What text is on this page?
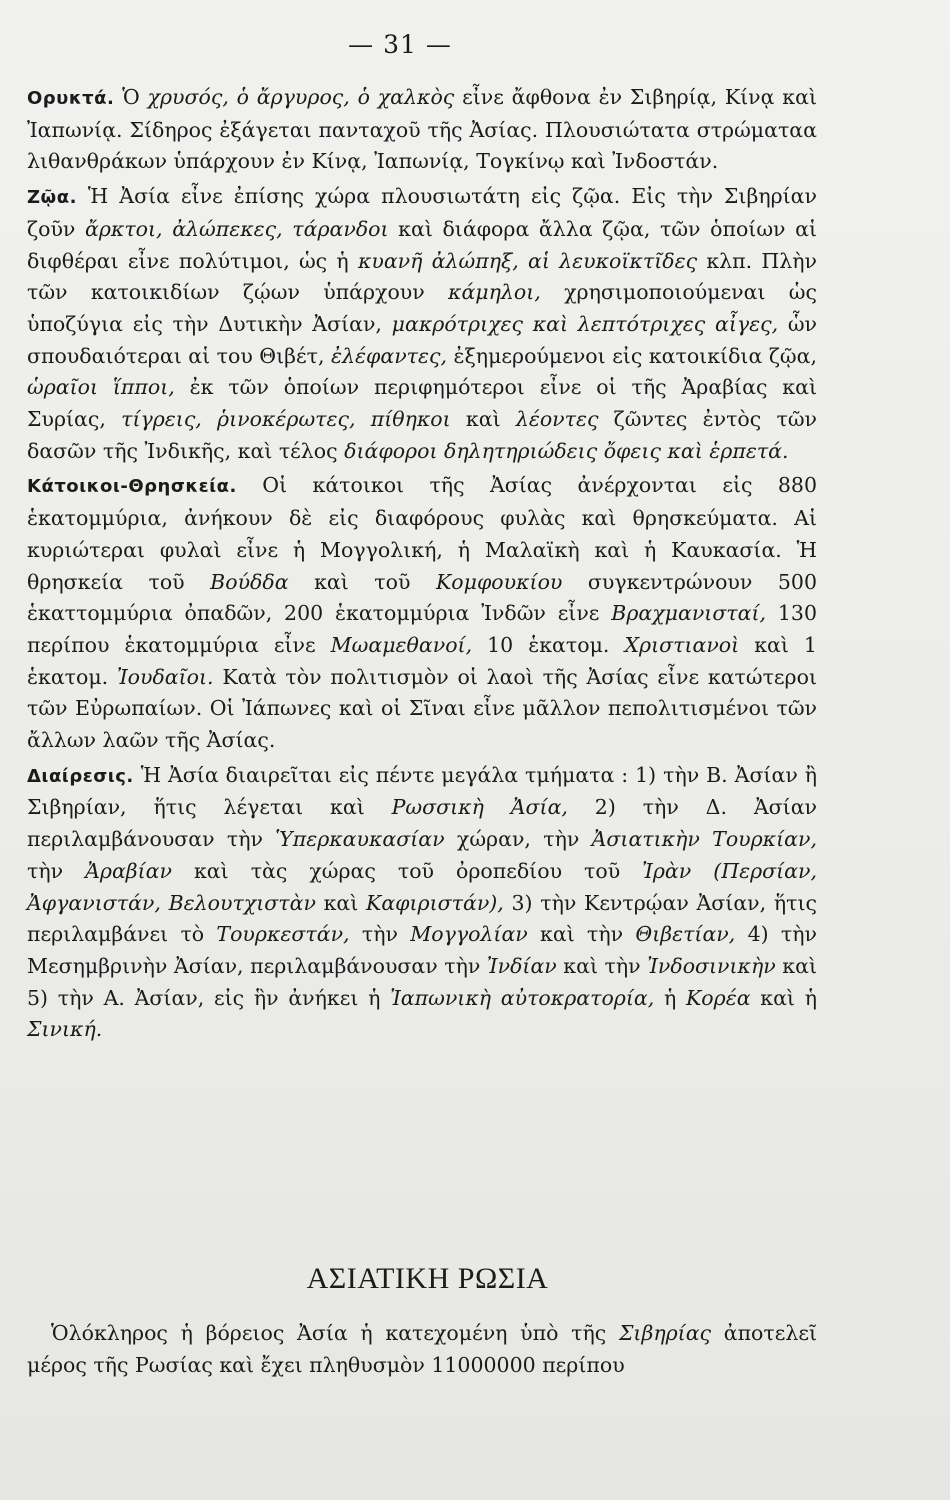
— 31 —

Ορυκτά. Ὁ χρυσός, ὁ ἄργυρος, ὁ χαλκὸς εἶνε ἄφθονα ἐν Σιβηρίᾳ, Κίνᾳ καὶ Ἰαπωνίᾳ. Σίδηρος ἐξάγεται πανταχοῦ τῆς Ἀσίας. Πλουσιώτατα στρώματαα λιθανθράκων ὑπάρχουν ἐν Κίνᾳ, Ἰαπωνίᾳ, Τογκίνῳ καὶ Ἰνδοστάν.

Ζῷα. Ἡ Ἀσία εἶνε ἐπίσης χώρα πλουσιωτάτη εἰς ζῷα. Εἰς τὴν Σιβηρίαν ζοῦν ἄρκτοι, ἀλώπεκες, τάρανδοι καὶ διάφορα ἄλλα ζῷα, τῶν ὁποίων αἱ διφθέραι εἶνε πολύτιμοι, ὡς ἡ κυανῆ ἀλώπηξ, αἱ λευκοϊκτῖδες κλπ. Πλὴν τῶν κατοικιδίων ζῴων ὑπάρχουν κάμηλοι, χρησιμοποιούμεναι ὡς ὑποζύγια εἰς τὴν Δυτικὴν Ἀσίαν, μακρότριχες καὶ λεπτότριχες αἶγες, ὧν σπουδαιότεραι αἱ του Θιβέτ, ἐλέφαντες, ἐξημερούμενοι εἰς κατοικίδια ζῷα, ὡραῖοι ἵπποι, ἐκ τῶν ὁποίων περιφημότεροι εἶνε οἱ τῆς Ἀραβίας καὶ Συρίας, τίγρεις, ῥινοκέρωτες, πίθηκοι καὶ λέοντες ζῶντες ἐντὸς τῶν δασῶν τῆς Ἰνδικῆς, καὶ τέλος διάφοροι δηλητηριώδεις ὄφεις καὶ ἑρπετά.

Κάτοικοι-Θρησκεία. Οἱ κάτοικοι τῆς Ἀσίας ἀνέρχονται εἰς 880 ἑκατομμύρια, ἀνήκουν δὲ εἰς διαφόρους φυλὰς καὶ θρησκεύματα. Αἱ κυριώτεραι φυλαὶ εἶνε ἡ Μογγολική, ἡ Μαλαϊκὴ καὶ ἡ Καυκασία. Ἡ θρησκεία τοῦ Βούδδα καὶ τοῦ Κομφουκίου συγκεντρώνουν 500 ἑκαττομμύρια ὀπαδῶν, 200 ἑκατομμύρια Ἰνδῶν εἶνε Βραχμανισταί, 130 περίπου ἑκατομμύρια εἶνε Μωαμεθανοί, 10 ἑκατομ. Χριστιανοὶ καὶ 1 ἑκατομ. Ἰουδαῖοι. Κατὰ τὸν πολιτισμὸν οἱ λαοὶ τῆς Ἀσίας εἶνε κατώτεροι τῶν Εὐρωπαίων. Οἱ Ἰάπωνες καὶ οἱ Σῖναι εἶνε μᾶλλον πεπολιτισμένοι τῶν ἄλλων λαῶν τῆς Ἀσίας.

Διαίρεσις. Ἡ Ἀσία διαιρεῖται εἰς πέντε μεγάλα τμήματα : 1) τὴν Β. Ἀσίαν ἢ Σιβηρίαν, ἥτις λέγεται καὶ Ρωσσικὴ Ἀσία, 2) τὴν Δ. Ἀσίαν περιλαμβάνουσαν τὴν Ὑπερκαυκασίαν χώραν, τὴν Ἀσιατικὴν Τουρκίαν, τὴν Ἀραβίαν καὶ τὰς χώρας τοῦ ὀροπεδίου τοῦ Ἰρὰν (Περσίαν, Ἀφγανιστάν, Βελουτχιστὰν καὶ Καφιριστάν), 3) τὴν Κεντρῴαν Ἀσίαν, ἥτις περιλαμβάνει τὸ Τουρκεστάν, τὴν Μογγολίαν καὶ τὴν Θιβετίαν, 4) τὴν Μεσημβρινὴν Ἀσίαν, περιλαμβάνουσαν τὴν Ἰνδίαν καὶ τὴν Ἰνδοσινικὴν καὶ 5) τὴν Α. Ἀσίαν, εἰς ἣν ἀνήκει ἡ Ἰαπωνικὴ αὐτοκρατορία, ἡ Κορέα καὶ ἡ Σινική.

ΑΣΙΑΤΙΚΗ ΡΩΣΙΑ

Ὁλόκληρος ἡ βόρειος Ἀσία ἡ κατεχομένη ὑπὸ τῆς Σιβηρίας ἀποτελεῖ μέρος τῆς Ρωσίας καὶ ἔχει πληθυσμὸν 11000000 περίπου
